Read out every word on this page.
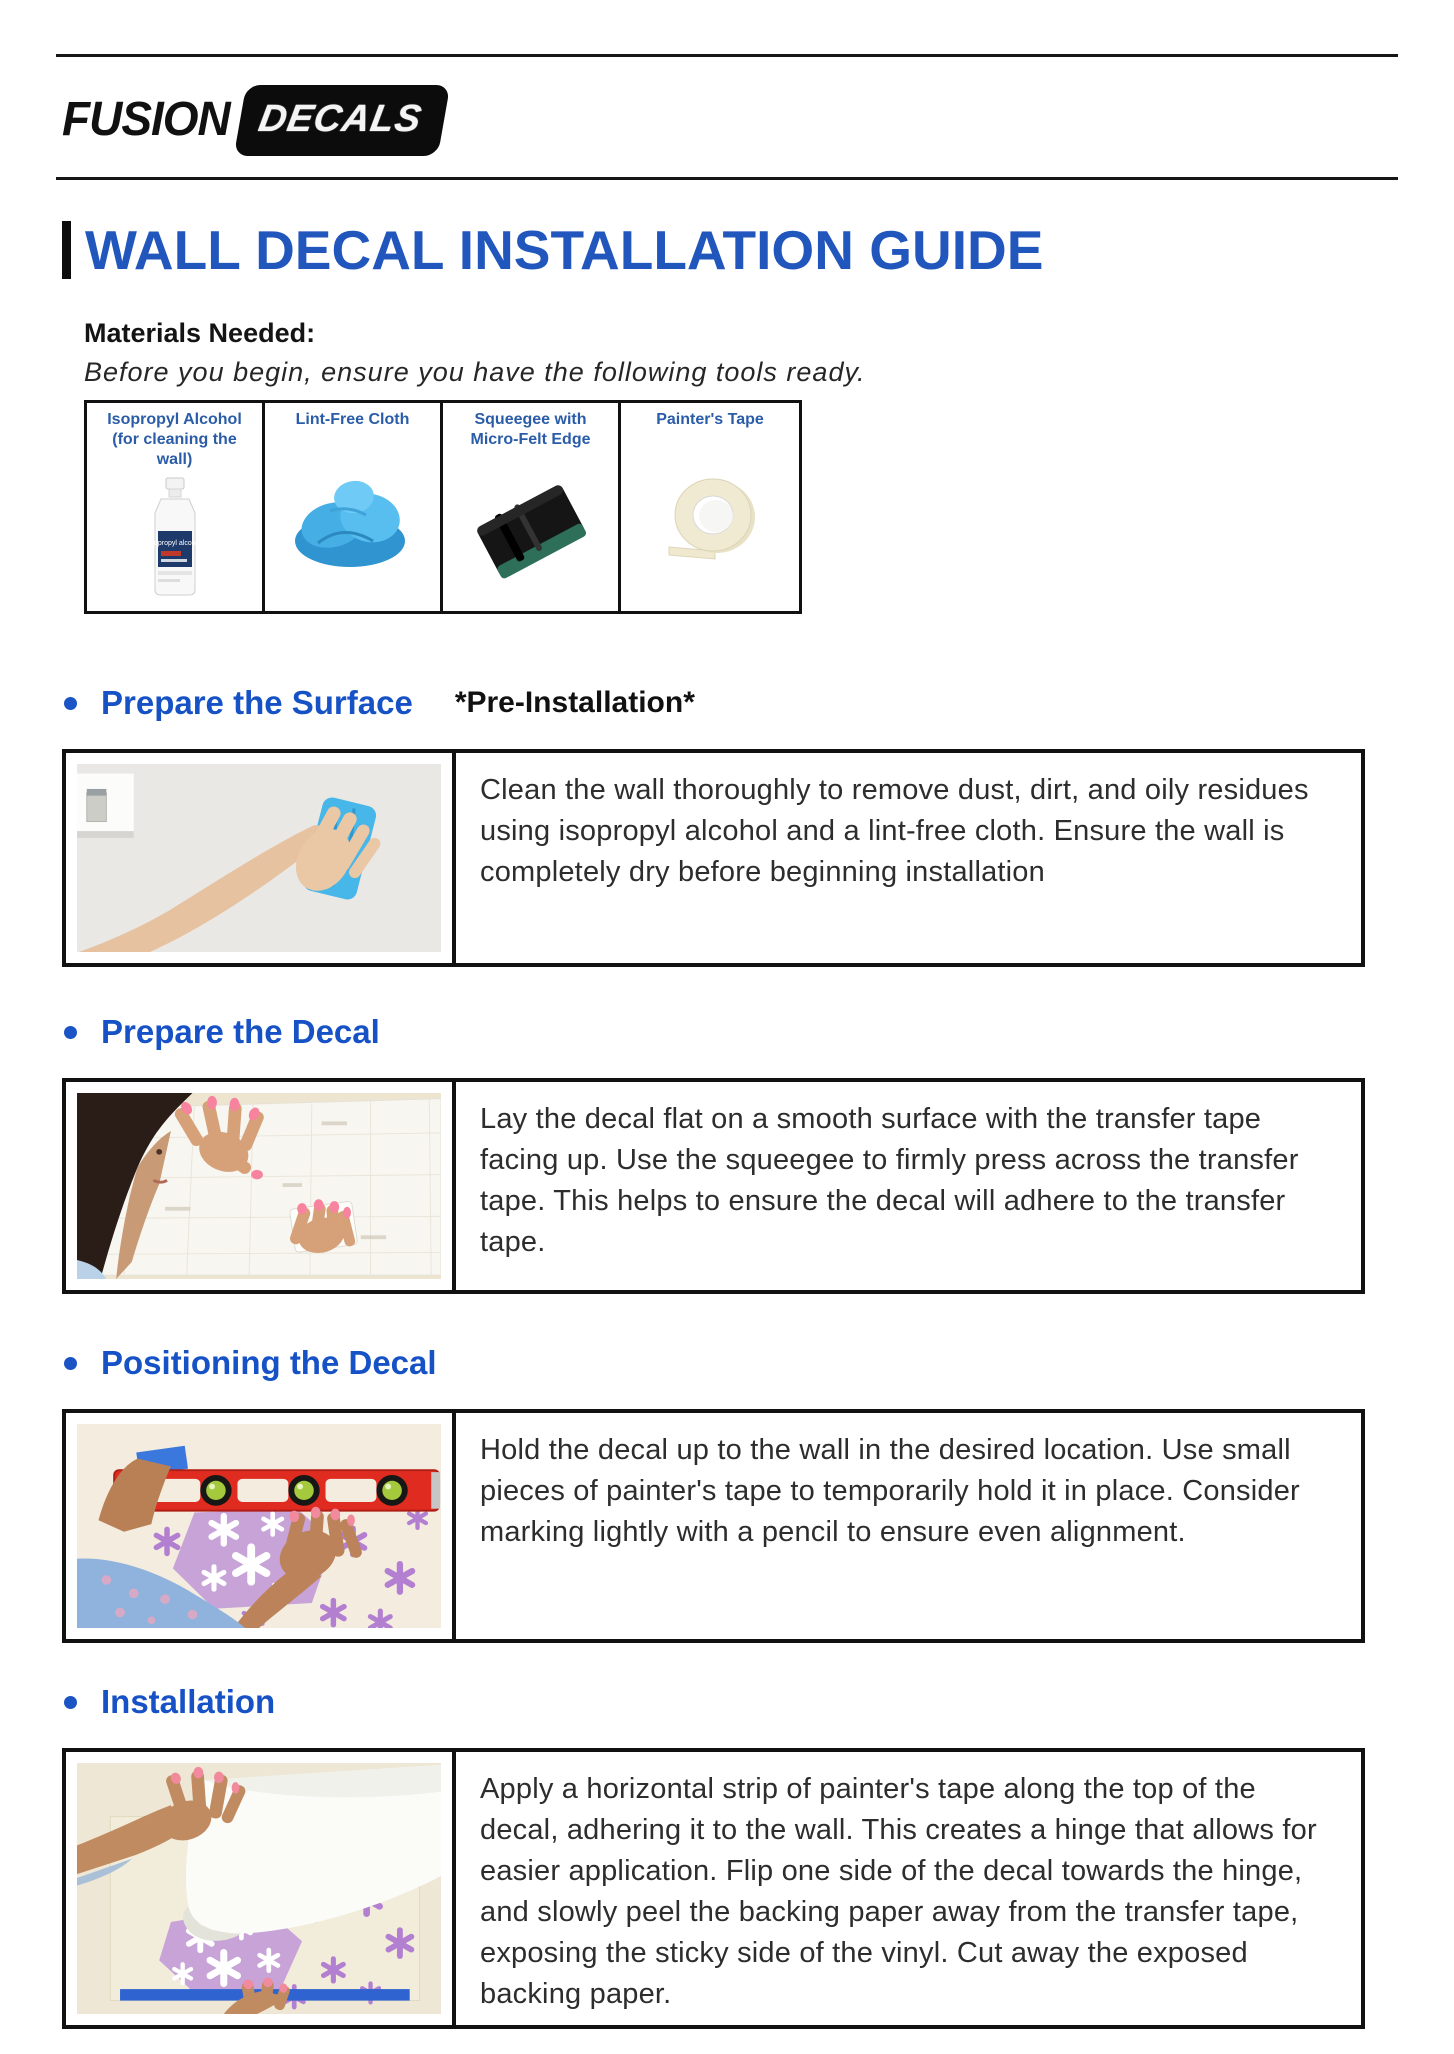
FUSION DECALS
WALL DECAL INSTALLATION GUIDE
Materials Needed:
Before you begin, ensure you have the following tools ready.
Isopropyl Alcohol (for cleaning the wall)
isopropyl alcohol
Lint-Free Cloth	Squeegee with Micro-Felt Edge
Painter's Tape
Prepare the Surface *Pre-Installation*
Clean the wall thoroughly to remove dust, dirt, and oily residues using isopropyl alcohol and a lint-free cloth. Ensure the wall is completely dry before beginning installation
Prepare the Decal
Lay the decal flat on a smooth surface with the transfer tape facing up. Use the squeegee to firmly press across the transfer tape. This helps to ensure the decal will adhere to the transfer tape.
Positioning the Decal
Hold the decal up to the wall in the desired location. Use small pieces of painter's tape to temporarily hold it in place. Consider marking lightly with a pencil to ensure even alignment.
Installation
Apply a horizontal strip of painter's tape along the top of the decal, adhering it to the wall. This creates a hinge that allows for easier application. Flip one side of the decal towards the hinge, and slowly peel the backing paper away from the transfer tape, exposing the sticky side of the vinyl. Cut away the exposed backing paper.
